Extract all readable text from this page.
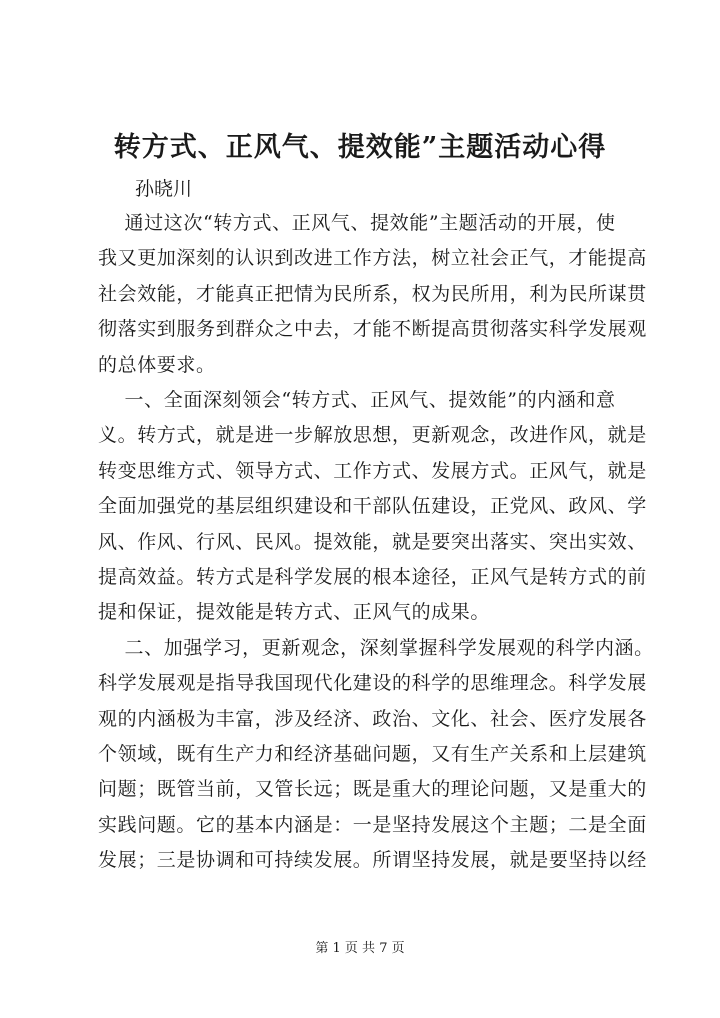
转方式、正风气、提效能”主题活动心得
孙晓川
通过这次“转方式、正风气、提效能”主题活动的开展，使
我又更加深刻的认识到改进工作方法，树立社会正气，才能提高
社会效能，才能真正把情为民所系，权为民所用，利为民所谋贯
彻落实到服务到群众之中去，才能不断提高贯彻落实科学发展观
的总体要求。
一、全面深刻领会“转方式、正风气、提效能”的内涵和意
义。转方式，就是进一步解放思想，更新观念，改进作风，就是
转变思维方式、领导方式、工作方式、发展方式。正风气，就是
全面加强党的基层组织建设和干部队伍建设，正党风、政风、学
风、作风、行风、民风。提效能，就是要突出落实、突出实效、
提高效益。转方式是科学发展的根本途径，正风气是转方式的前
提和保证，提效能是转方式、正风气的成果。
二、加强学习，更新观念，深刻掌握科学发展观的科学内涵。
科学发展观是指导我国现代化建设的科学的思维理念。科学发展
观的内涵极为丰富，涉及经济、政治、文化、社会、医疗发展各
个领域，既有生产力和经济基础问题，又有生产关系和上层建筑
问题；既管当前，又管长远；既是重大的理论问题，又是重大的
实践问题。它的基本内涵是：一是坚持发展这个主题；二是全面
发展；三是协调和可持续发展。所谓坚持发展，就是要坚持以经
第 1 页 共 7 页
